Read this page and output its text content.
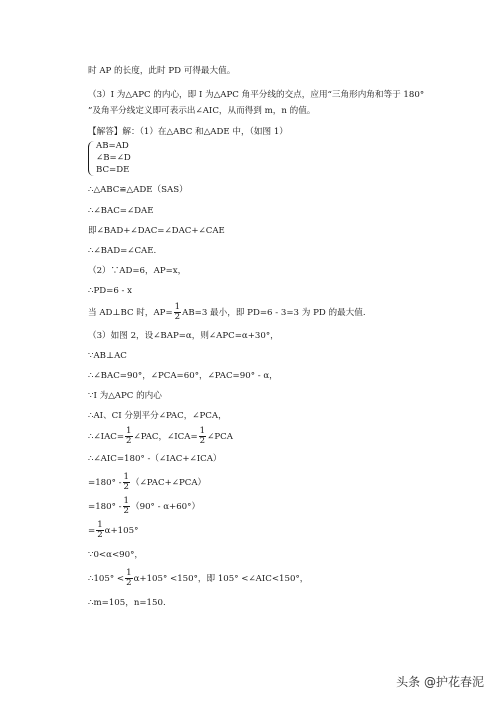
时 AP 的长度，此时 PD 可得最大值。
（3）I 为△APC 的内心，即 I 为△APC 角平分线的交点，应用“三角形内角和等于 180°
”及角平分线定义即可表示出∠AIC，从而得到 m，n 的值。
【解答】解：（1）在△ABC 和△ADE 中，（如图 1）
AB=AD
∠B=∠D
BC=DE
∴△ABC≌△ADE（SAS）
∴∠BAC=∠DAE
即∠BAD+∠DAC=∠DAC+∠CAE
∴∠BAD=∠CAE.
（2）∵AD=6，AP=x，
∴PD=6 - x
当 AD⊥BC 时，$AP= \frac{1}{2} AB=3$ 最小，即 PD=6 - 3=3 为 PD 的最大值.
（3）如图 2，设∠BAP=α，则∠APC=α+30°，
∵AB⊥AC
∴∠BAC=90°，∠PCA=60°，∠PAC=90° - α，
∵I 为△APC 的内心
∴AI、CI 分别平分∠PAC，∠PCA，
∴∠IAC= $\frac{1}{2}$ ∠PAC，∠ICA= $\frac{1}{2}$ ∠PCA
∴∠AIC=180° -（∠IAC+∠ICA）
$=180^\circ - \frac{1}{2}$ （∠PAC+∠PCA）
$=180^\circ - \frac{1}{2} (90^\circ - \alpha+60^\circ)$
= $\frac{1}{2} \alpha+105^\circ$
∵0<α<90°，
∴105° < $\frac{1}{2} \alpha+105^\circ <150^\circ$，即 105° <∠AIC<150°，
∴m=105，n=150.
头条 @护花春泥
